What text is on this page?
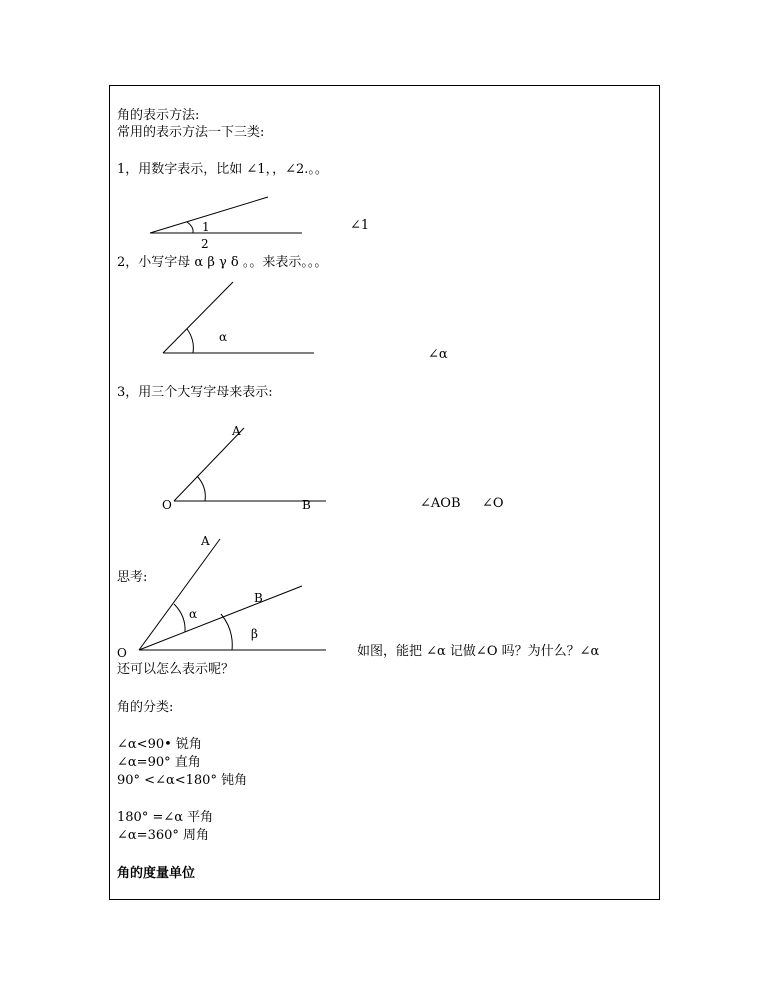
角的表示方法:
常用的表示方法一下三类:
1，用数字表示，比如 ∠1，，∠2.。。
1
2
∠1
2，小写字母 α β γ δ 。。来表示。。。
α
∠α
3，用三个大写字母来表示:
A
O	B	∠AOB ∠O
思考:
A
B
α
β
O	如图，能把 ∠α 记做∠O 吗？为什么？∠α
还可以怎么表示呢？
角的分类:
∠α<90• 锐角
∠α=90° 直角
90° <∠α<180° 钝角
180° =∠α 平角
∠α=360° 周角
角的度量单位
